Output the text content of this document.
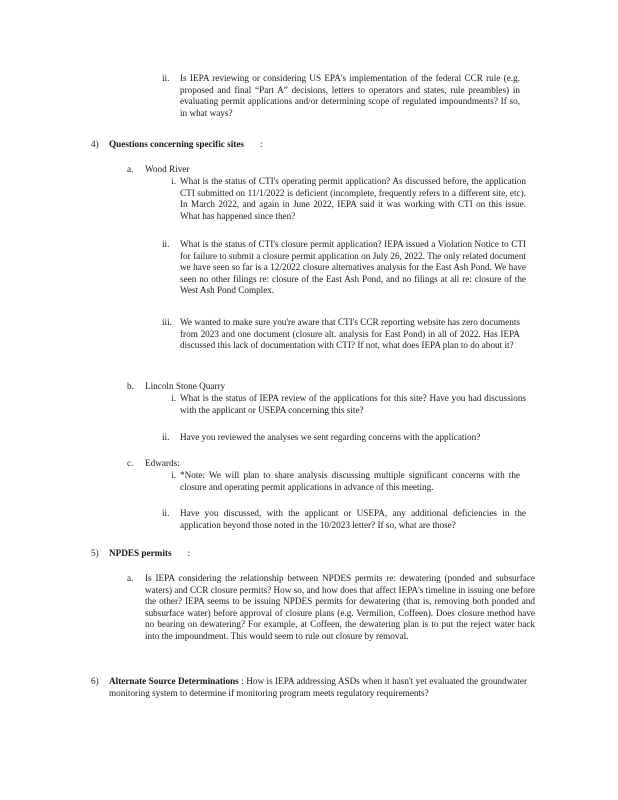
ii.	Is IEPA reviewing or considering US EPA's implementation of the federal CCR rule (e.g. proposed and final “Part A” decisions, letters to operators and states, rule preambles) in evaluating permit applications and/or determining scope of regulated impoundments? If so, in what ways?
4)	Questions concerning specific sites :
a.	Wood River
i. What is the status of CTI's operating permit application? As discussed before, the application CTI submitted on 11/1/2022 is deficient (incomplete, frequently refers to a different site, etc). In March 2022, and again in June 2022, IEPA said it was working with CTI on this issue. What has happened since then?
ii.	What is the status of CTI's closure permit application? IEPA issued a Violation Notice to CTI for failure to submit a closure permit application on July 26, 2022. The only related document we have seen so far is a 12/2022 closure alternatives analysis for the East Ash Pond. We have seen no other filings re: closure of the East Ash Pond, and no filings at all re: closure of the West Ash Pond Complex.
iii. We wanted to make sure you're aware that CTI's CCR reporting website has zero documents from 2023 and one document (closure alt. analysis for East Pond) in all of 2022. Has IEPA discussed this lack of documentation with CTI? If not, what does IEPA plan to do about it?
b.	Lincoln Stone Quarry
i. What is the status of IEPA review of the applications for this site? Have you had discussions with the applicant or USEPA concerning this site?
ii.	Have you reviewed the analyses we sent regarding concerns with the application?
c.	Edwards:
i. *Note: We will plan to share analysis discussing multiple significant concerns with the closure and operating permit applications in advance of this meeting.
ii.	Have you discussed, with the applicant or USEPA, any additional deficiencies in the application beyond those noted in the 10/2023 letter? If so, what are those?
5)	NPDES permits :
a.	Is IEPA considering the relationship between NPDES permits re: dewatering (ponded and subsurface waters) and CCR closure permits? How so, and how does that affect IEPA's timeline in issuing one before the other? IEPA seems to be issuing NPDES permits for dewatering (that is, removing both ponded and subsurface water) before approval of closure plans (e.g. Vermilion, Coffeen). Does closure method have no bearing on dewatering? For example, at Coffeen, the dewatering plan is to put the reject water back into the impoundment. This would seem to rule out closure by removal.
6)	Alternate Source Determinations : How is IEPA addressing ASDs when it hasn't yet evaluated the groundwater monitoring system to determine if monitoring program meets regulatory requirements?
